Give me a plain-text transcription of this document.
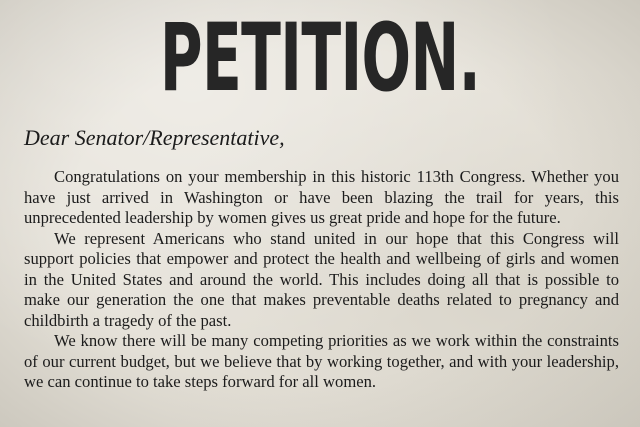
PETITION.
Dear Senator/Representative,

Congratulations on your membership in this historic 113th Congress. Whether you have just arrived in Washington or have been blazing the trail for years, this unprecedented leadership by women gives us great pride and hope for the future.

We represent Americans who stand united in our hope that this Congress will support policies that empower and protect the health and wellbeing of girls and women in the United States and around the world. This includes doing all that is possible to make our generation the one that makes preventable deaths related to pregnancy and childbirth a tragedy of the past.

We know there will be many competing priorities as we work within the constraints of our current budget, but we believe that by working together, and with your leadership, we can continue to take steps forward for all women.
